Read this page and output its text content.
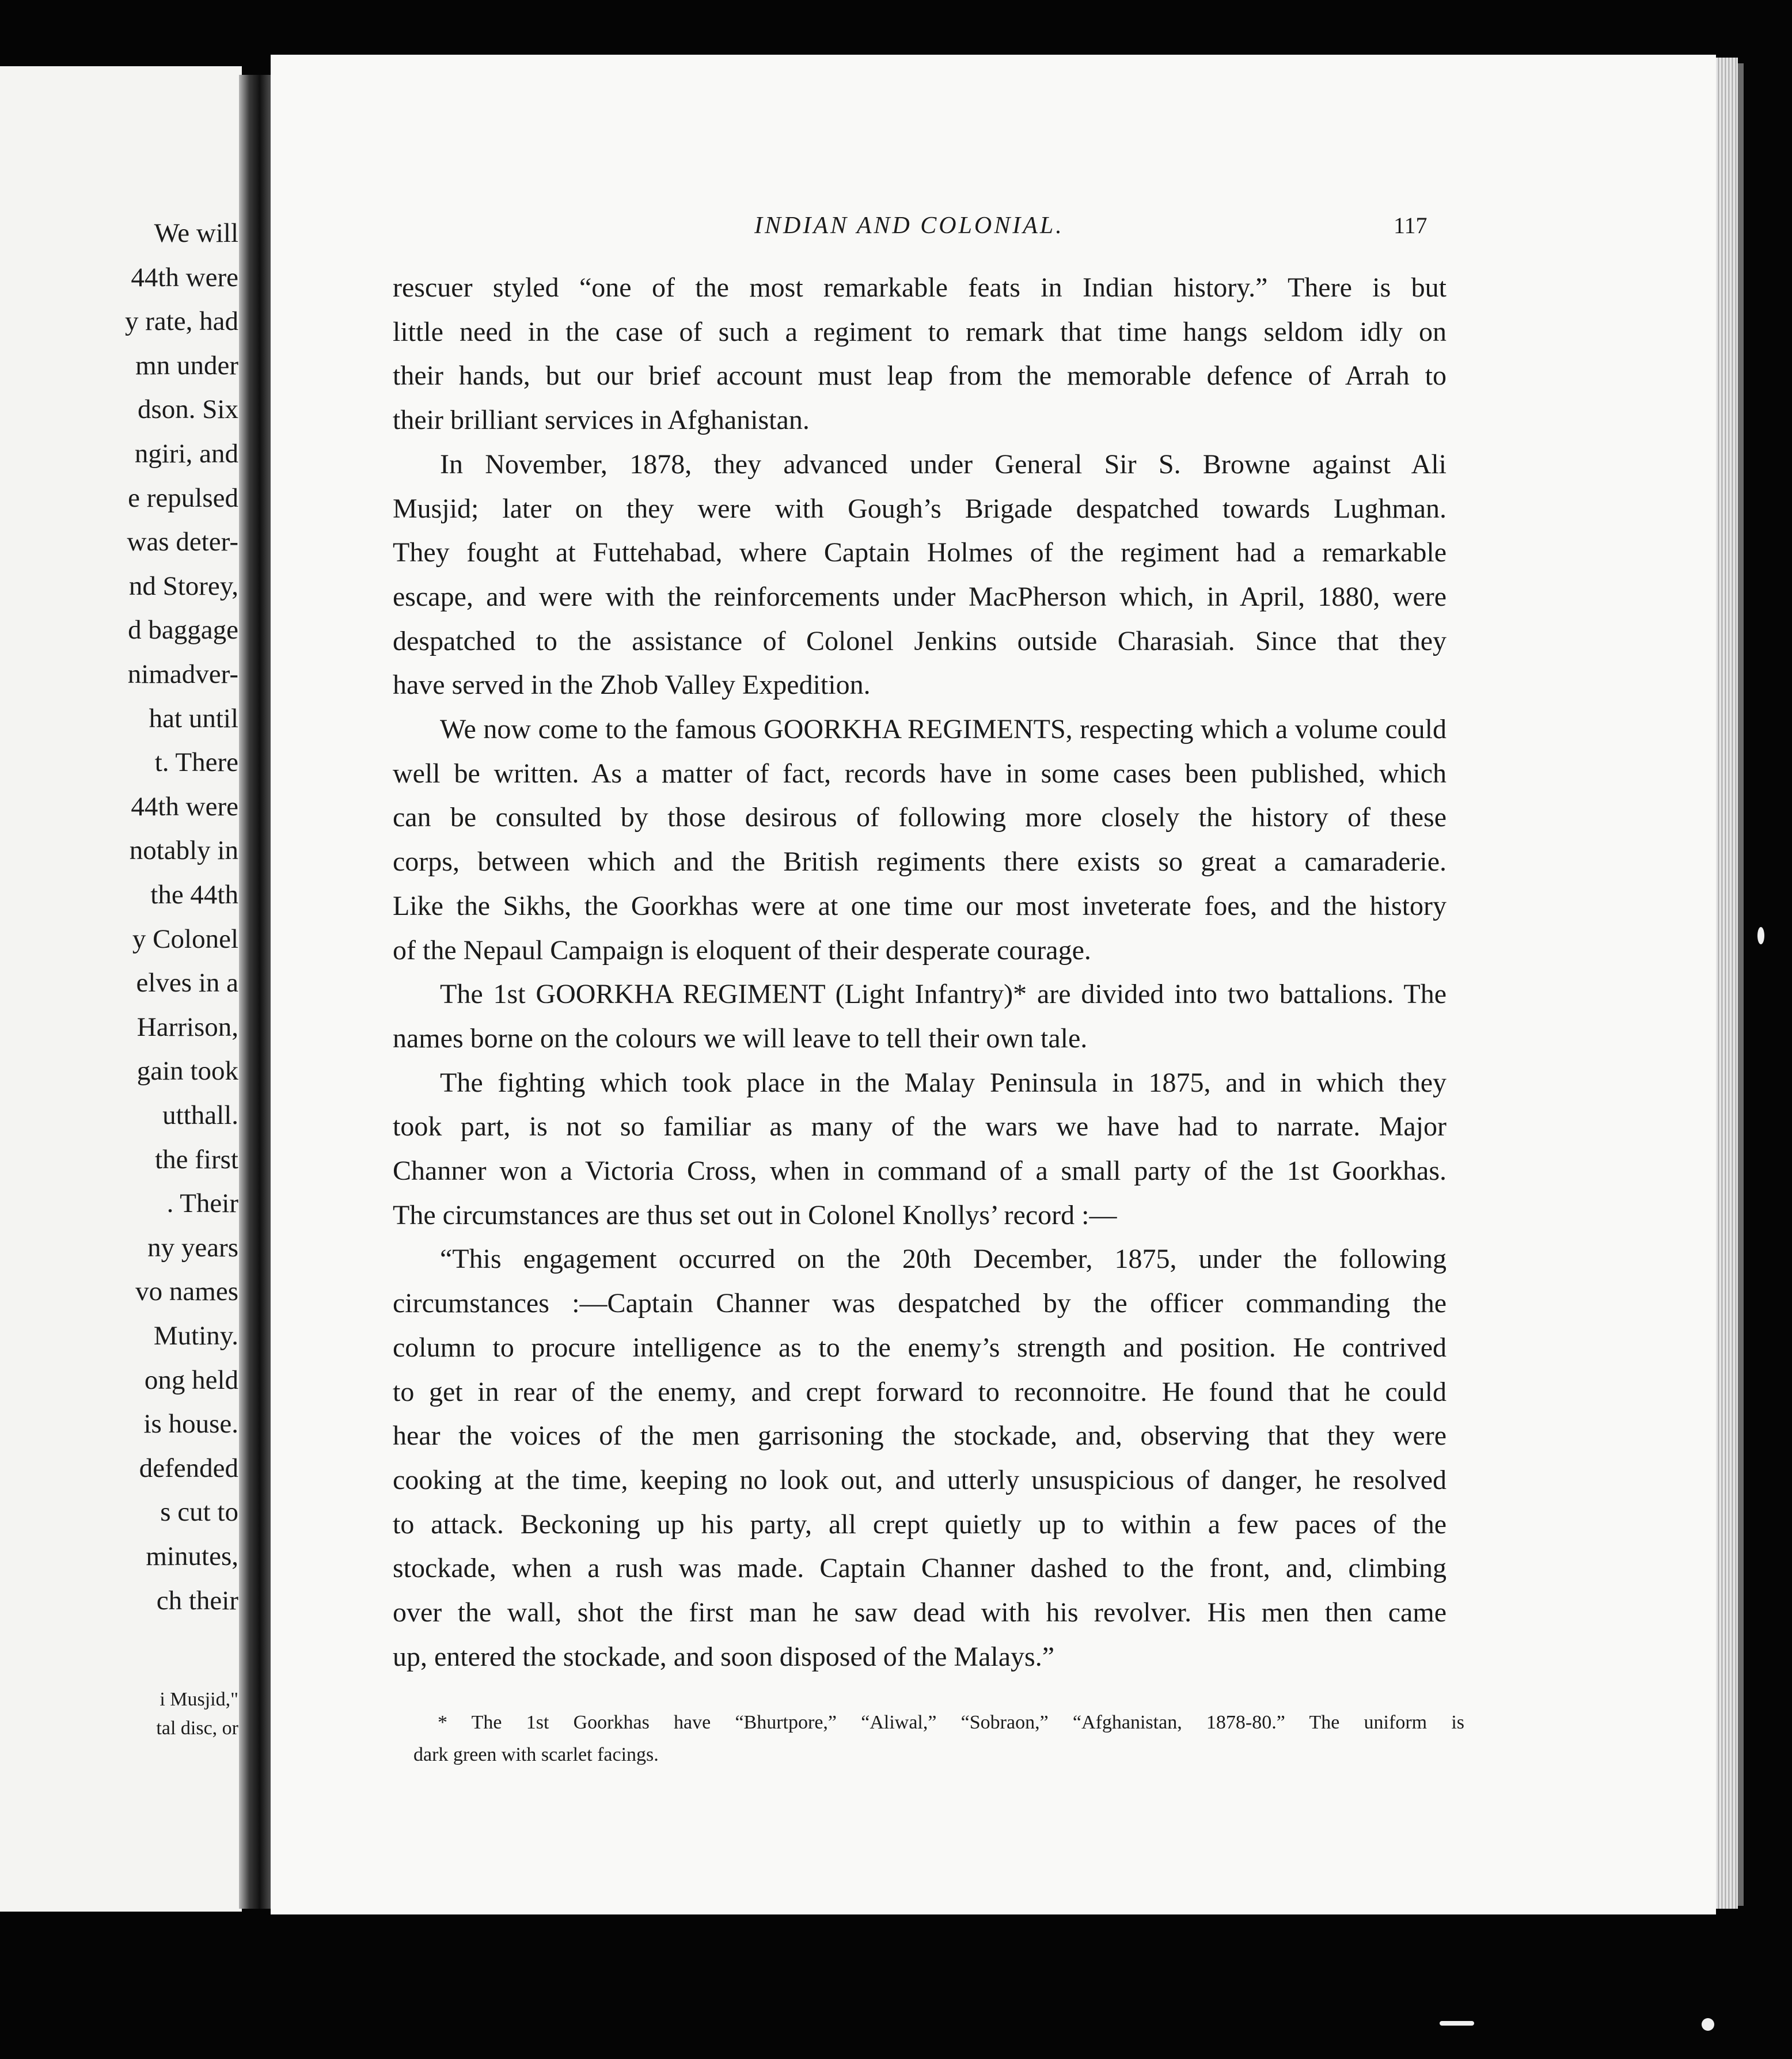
We will
44th were
y rate, had
mn under
dson. Six
ngiri, and
e repulsed
was deter-
nd Storey,
d baggage
nimadver-
hat until
t. There
44th were
notably in
the 44th
y Colonel
elves in a
Harrison,
gain took
utthall.
the first
. Their
ny years
vo names
Mutiny.
ong held
is house.
defended
s cut to
minutes,
ch their
i Musjid,"
tal disc, or
INDIAN AND COLONIAL.	117
rescuer styled “one of the most remarkable feats in Indian history.” There is but
little need in the case of such a regiment to remark that time hangs seldom idly on
their hands, but our brief account must leap from the memorable defence of Arrah to
their brilliant services in Afghanistan.
In November, 1878, they advanced under General Sir S. Browne against Ali
Musjid; later on they were with Gough’s Brigade despatched towards Lughman.
They fought at Futtehabad, where Captain Holmes of the regiment had a remarkable
escape, and were with the reinforcements under MacPherson which, in April, 1880, were
despatched to the assistance of Colonel Jenkins outside Charasiah. Since that they
have served in the Zhob Valley Expedition.
We now come to the famous GOORKHA REGIMENTS, respecting which a volume could
well be written. As a matter of fact, records have in some cases been published, which
can be consulted by those desirous of following more closely the history of these
corps, between which and the British regiments there exists so great a camaraderie.
Like the Sikhs, the Goorkhas were at one time our most inveterate foes, and the history
of the Nepaul Campaign is eloquent of their desperate courage.
The 1st GOORKHA REGIMENT (Light Infantry)* are divided into two battalions. The
names borne on the colours we will leave to tell their own tale.
The fighting which took place in the Malay Peninsula in 1875, and in which they
took part, is not so familiar as many of the wars we have had to narrate. Major
Channer won a Victoria Cross, when in command of a small party of the 1st Goorkhas.
The circumstances are thus set out in Colonel Knollys’ record :—
“This engagement occurred on the 20th December, 1875, under the following
circumstances :—Captain Channer was despatched by the officer commanding the
column to procure intelligence as to the enemy’s strength and position. He contrived
to get in rear of the enemy, and crept forward to reconnoitre. He found that he could
hear the voices of the men garrisoning the stockade, and, observing that they were
cooking at the time, keeping no look out, and utterly unsuspicious of danger, he resolved
to attack. Beckoning up his party, all crept quietly up to within a few paces of the
stockade, when a rush was made. Captain Channer dashed to the front, and, climbing
over the wall, shot the first man he saw dead with his revolver. His men then came
up, entered the stockade, and soon disposed of the Malays.”
* The 1st Goorkhas have “Bhurtpore,” “Aliwal,” “Sobraon,” “Afghanistan, 1878-80.” The uniform is
dark green with scarlet facings.
